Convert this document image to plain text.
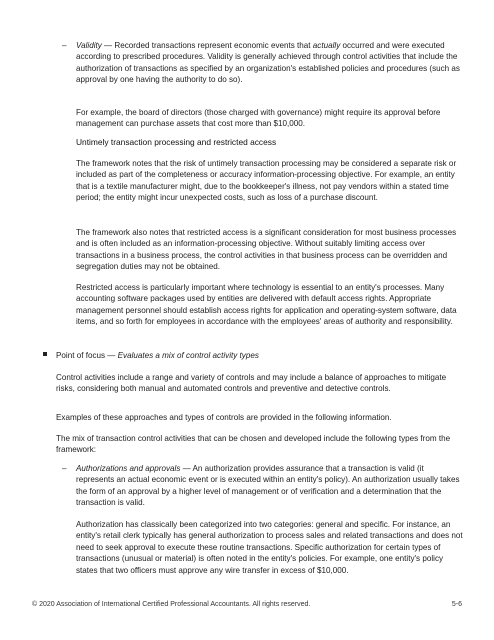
– Validity — Recorded transactions represent economic events that actually occurred and were executed according to prescribed procedures. Validity is generally achieved through control activities that include the authorization of transactions as specified by an organization's established policies and procedures (such as approval by one having the authority to do so).

For example, the board of directors (those charged with governance) might require its approval before management can purchase assets that cost more than $10,000.

Untimely transaction processing and restricted access

The framework notes that the risk of untimely transaction processing may be considered a separate risk or included as part of the completeness or accuracy information-processing objective. For example, an entity that is a textile manufacturer might, due to the bookkeeper's illness, not pay vendors within a stated time period; the entity might incur unexpected costs, such as loss of a purchase discount.

The framework also notes that restricted access is a significant consideration for most business processes and is often included as an information-processing objective. Without suitably limiting access over transactions in a business process, the control activities in that business process can be overridden and segregation duties may not be obtained.

Restricted access is particularly important where technology is essential to an entity's processes. Many accounting software packages used by entities are delivered with default access rights. Appropriate management personnel should establish access rights for application and operating-system software, data items, and so forth for employees in accordance with the employees' areas of authority and responsibility.

Point of focus — Evaluates a mix of control activity types

Control activities include a range and variety of controls and may include a balance of approaches to mitigate risks, considering both manual and automated controls and preventive and detective controls.

Examples of these approaches and types of controls are provided in the following information.

The mix of transaction control activities that can be chosen and developed include the following types from the framework:

– Authorizations and approvals — An authorization provides assurance that a transaction is valid (it represents an actual economic event or is executed within an entity's policy). An authorization usually takes the form of an approval by a higher level of management or of verification and a determination that the transaction is valid.

Authorization has classically been categorized into two categories: general and specific. For instance, an entity's retail clerk typically has general authorization to process sales and related transactions and does not need to seek approval to execute these routine transactions. Specific authorization for certain types of transactions (unusual or material) is often noted in the entity's policies. For example, one entity's policy states that two officers must approve any wire transfer in excess of $10,000.

© 2020 Association of International Certified Professional Accountants. All rights reserved.	5-6
